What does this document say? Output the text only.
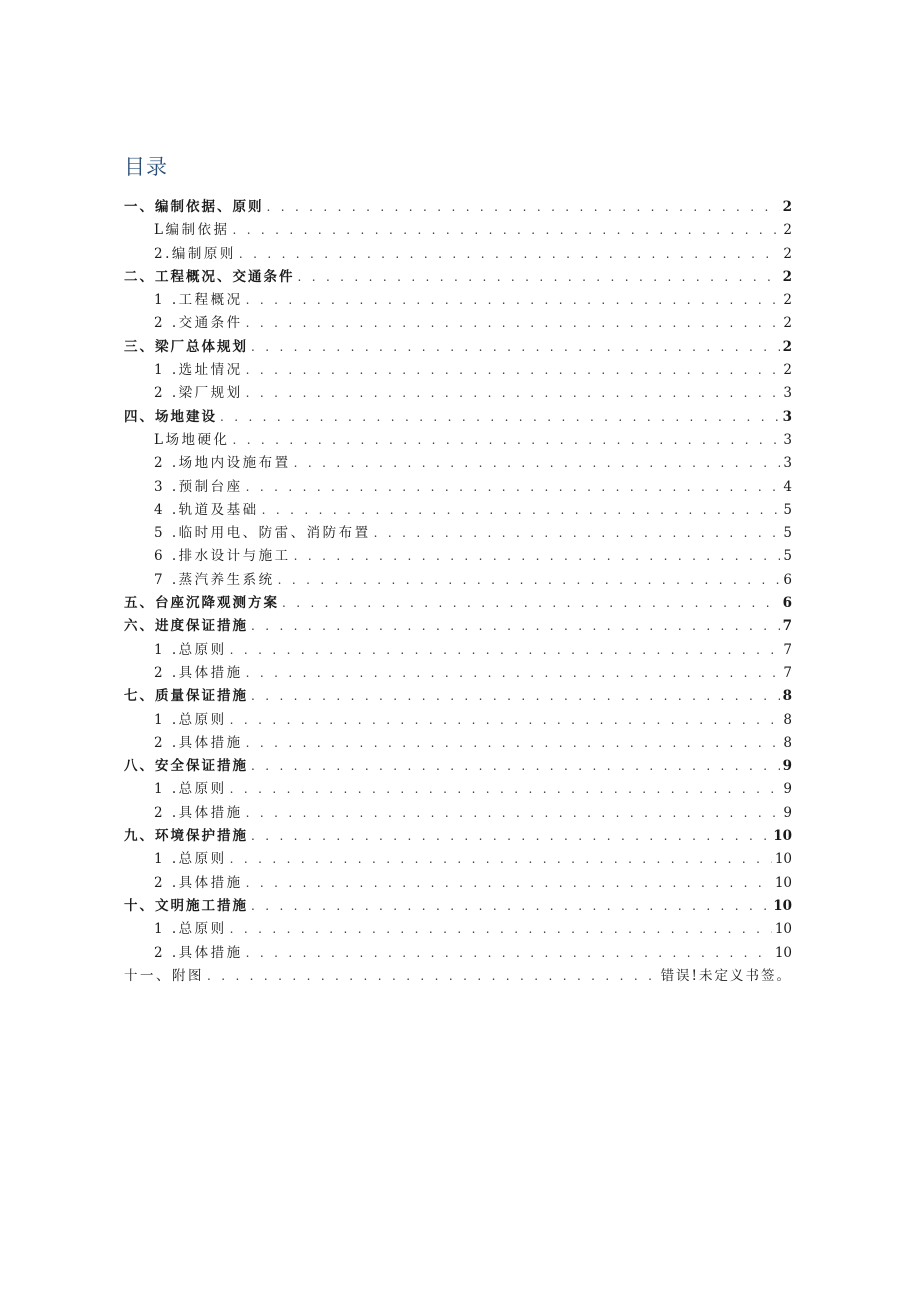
目录
一、编制依据、原则 . . .	2
L编制依据 . . .	2
2.编制原则 . . .	2
二、工程概况、交通条件 . . .	2
1 .工程概况 . . .	2
2 .交通条件 . . .	2
三、梁厂总体规划 . . .	2
1 .选址情况 . . .	2
2 .梁厂规划 . . .	3
四、场地建设 . . .	3
L场地硬化 . . .	3
2 .场地内设施布置 . . .	3
3 .预制台座 . . .	4
4 .轨道及基础 . . .	5
5 .临时用电、防雷、消防布置 . . .	5
6 .排水设计与施工 . . .	5
7 .蒸汽养生系统 . . .	6
五、台座沉降观测方案 . . .	6
六、进度保证措施 . . .	7
1 .总原则 . . .	7
2 .具体措施 . . .	7
七、质量保证措施 . . .	8
1 .总原则 . . .	8
2 .具体措施 . . .	8
八、安全保证措施 . . .	9
1 .总原则 . . .	9
2 .具体措施 . . .	9
九、环境保护措施 . . .	10
1 .总原则 . . .	10
2 .具体措施 . . .	10
十、文明施工措施 . . .	10
1 .总原则 . . .	10
2 .具体措施 . . .	10
十一、附图 . . .	错误!未定义书签。
